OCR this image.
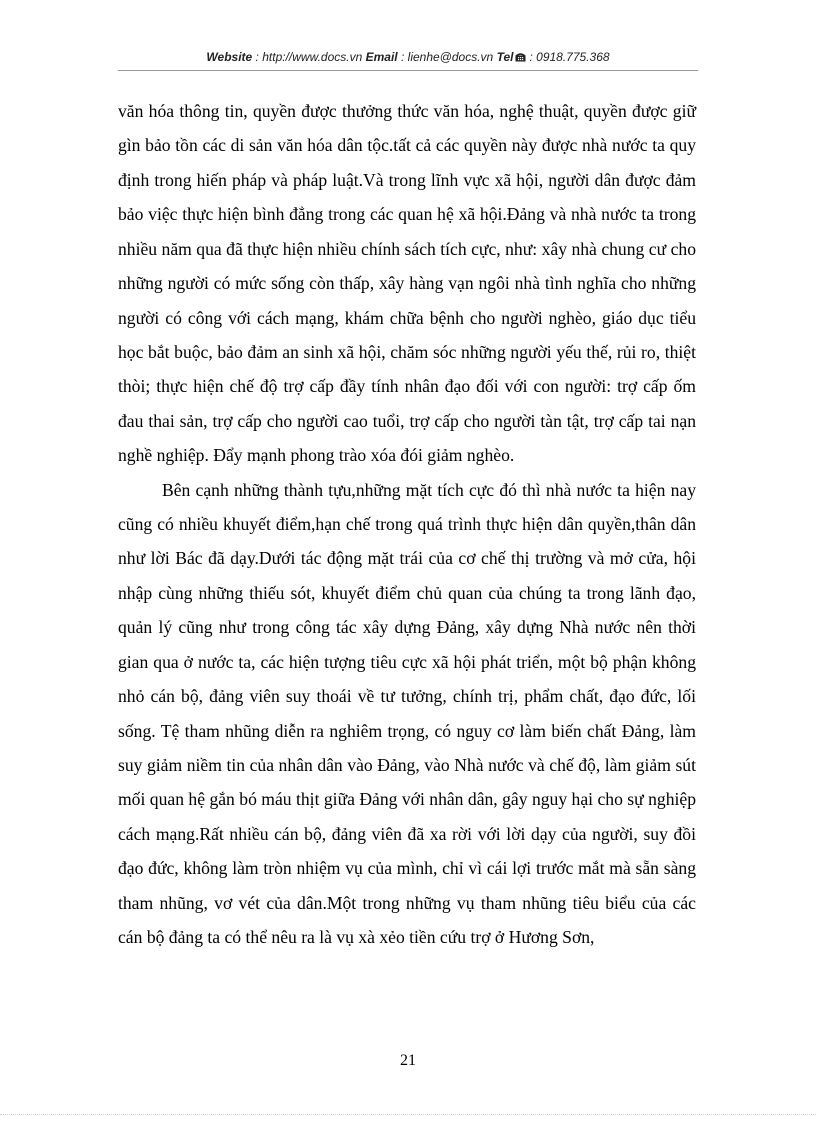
Website : http://www.docs.vn Email : lienhe@docs.vn Tel : 0918.775.368

văn hóa thông tin, quyền được thưởng thức văn hóa, nghệ thuật, quyền được giữ gìn bảo tồn các di sản văn hóa dân tộc.tất cả các quyền này được nhà nước ta quy định trong hiến pháp và pháp luật.Và trong lĩnh vực xã hội, người dân được đảm bảo việc thực hiện bình đẳng trong các quan hệ xã hội.Đảng và nhà nước ta trong nhiều năm qua đã thực hiện nhiều chính sách tích cực, như: xây nhà chung cư cho những người có mức sống còn thấp, xây hàng vạn ngôi nhà tình nghĩa cho những người có công với cách mạng, khám chữa bệnh cho người nghèo, giáo dục tiểu học bắt buộc, bảo đảm an sinh xã hội, chăm sóc những người yếu thế, rủi ro, thiệt thòi; thực hiện chế độ trợ cấp đầy tính nhân đạo đối với con người: trợ cấp ốm đau thai sản, trợ cấp cho người cao tuổi, trợ cấp cho người tàn tật, trợ cấp tai nạn nghề nghiệp. Đẩy mạnh phong trào xóa đói giảm nghèo.

Bên cạnh những thành tựu,những mặt tích cực đó thì nhà nước ta hiện nay cũng có nhiều khuyết điểm,hạn chế trong quá trình thực hiện dân quyền,thân dân như lời Bác đã dạy.Dưới tác động mặt trái của cơ chế thị trường và mở cửa, hội nhập cùng những thiếu sót, khuyết điểm chủ quan của chúng ta trong lãnh đạo, quản lý cũng như trong công tác xây dựng Đảng, xây dựng Nhà nước nên thời gian qua ở nước ta, các hiện tượng tiêu cực xã hội phát triển, một bộ phận không nhỏ cán bộ, đảng viên suy thoái về tư tưởng, chính trị, phẩm chất, đạo đức, lối sống. Tệ tham nhũng diễn ra nghiêm trọng, có nguy cơ làm biến chất Đảng, làm suy giảm niềm tin của nhân dân vào Đảng, vào Nhà nước và chế độ, làm giảm sút mối quan hệ gắn bó máu thịt giữa Đảng với nhân dân, gây nguy hại cho sự nghiệp cách mạng.Rất nhiều cán bộ, đảng viên đã xa rời với lời dạy của người, suy đồi đạo đức, không làm tròn nhiệm vụ của mình, chỉ vì cái lợi trước mắt mà sẵn sàng tham nhũng, vơ vét của dân.Một trong những vụ tham nhũng tiêu biểu của các cán bộ đảng ta có thể nêu ra là vụ xà xẻo tiền cứu trợ ở Hương Sơn,

21
